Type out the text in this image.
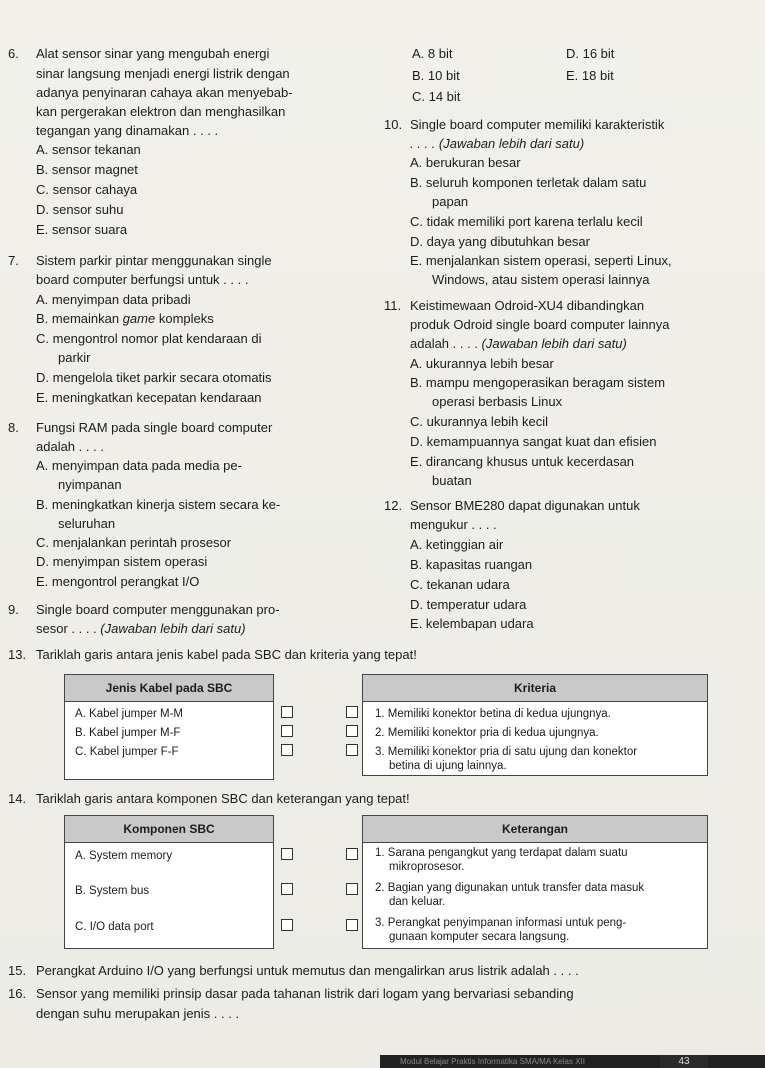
6. Alat sensor sinar yang mengubah energi
sinar langsung menjadi energi listrik dengan
adanya penyinaran cahaya akan menyebab-
kan pergerakan elektron dan menghasilkan
tegangan yang dinamakan . . . .
A. sensor tekanan
B. sensor magnet
C. sensor cahaya
D. sensor suhu
E. sensor suara
7. Sistem parkir pintar menggunakan single
board computer berfungsi untuk . . . .
A. menyimpan data pribadi
B. memainkan game kompleks
C. mengontrol nomor plat kendaraan di
parkir
D. mengelola tiket parkir secara otomatis
E. meningkatkan kecepatan kendaraan
8. Fungsi RAM pada single board computer
adalah . . . .
A. menyimpan data pada media pe-
nyimpanan
B. meningkatkan kinerja sistem secara ke-
seluruhan
C. menjalankan perintah prosesor
D. menyimpan sistem operasi
E. mengontrol perangkat I/O
9. Single board computer menggunakan pro-
sesor . . . . (Jawaban lebih dari satu)
A. 8 bit	D. 16 bit
B. 10 bit	E. 18 bit
C. 14 bit
10. Single board computer memiliki karakteristik
. . . . (Jawaban lebih dari satu)
A. berukuran besar
B. seluruh komponen terletak dalam satu
papan
C. tidak memiliki port karena terlalu kecil
D. daya yang dibutuhkan besar
E. menjalankan sistem operasi, seperti Linux,
Windows, atau sistem operasi lainnya
11. Keistimewaan Odroid-XU4 dibandingkan
produk Odroid single board computer lainnya
adalah . . . . (Jawaban lebih dari satu)
A. ukurannya lebih besar
B. mampu mengoperasikan beragam sistem
operasi berbasis Linux
C. ukurannya lebih kecil
D. kemampuannya sangat kuat dan efisien
E. dirancang khusus untuk kecerdasan
buatan
12. Sensor BME280 dapat digunakan untuk
mengukur . . . .
A. ketinggian air
B. kapasitas ruangan
C. tekanan udara
D. temperatur udara
E. kelembapan udara
13. Tariklah garis antara jenis kabel pada SBC dan kriteria yang tepat!
Jenis Kabel pada SBC
A. Kabel jumper M-M
B. Kabel jumper M-F
C. Kabel jumper F-F
Kriteria
1. Memiliki konektor betina di kedua ujungnya.
2. Memiliki konektor pria di kedua ujungnya.
3. Memiliki konektor pria di satu ujung dan konektor
betina di ujung lainnya.
14. Tariklah garis antara komponen SBC dan keterangan yang tepat!
Komponen SBC
A. System memory
B. System bus
C. I/O data port
Keterangan
1. Sarana pengangkut yang terdapat dalam suatu
mikroprosesor.
2. Bagian yang digunakan untuk transfer data masuk
dan keluar.
3. Perangkat penyimpanan informasi untuk peng-
gunaan komputer secara langsung.
15. Perangkat Arduino I/O yang berfungsi untuk memutus dan mengalirkan arus listrik adalah . . . .
16. Sensor yang memiliki prinsip dasar pada tahanan listrik dari logam yang bervariasi sebanding
dengan suhu merupakan jenis . . . .
Modul Belajar Praktis Informatika SMA/MA Kelas XII	43
